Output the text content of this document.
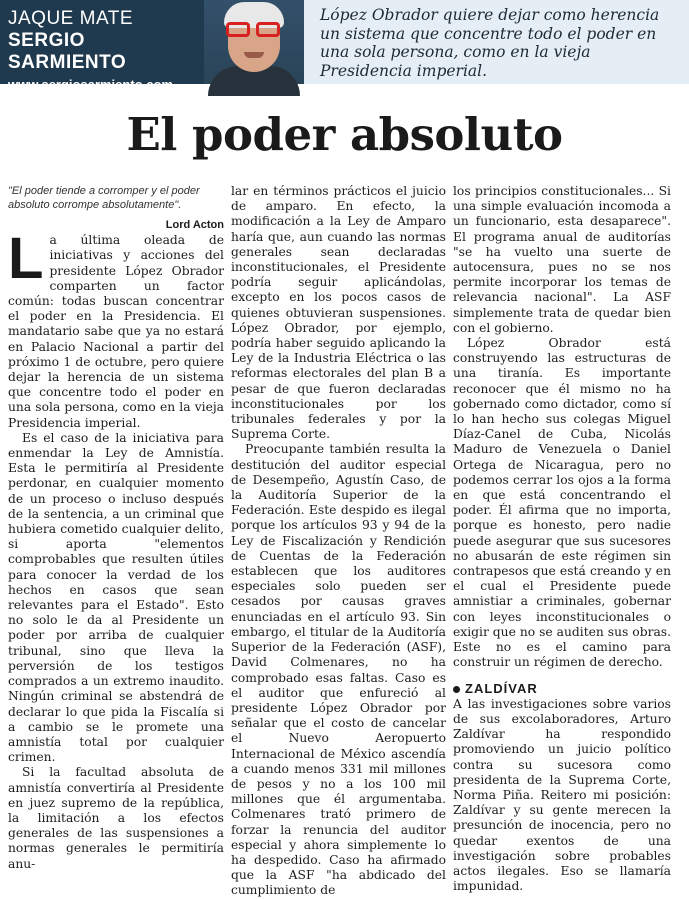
JAQUE MATE
SERGIO SARMIENTO
www.sergiosarmiento.com

López Obrador quiere dejar como herencia un sistema que concentre todo el poder en una sola persona, como en la vieja Presidencia imperial.

El poder absoluto

"El poder tiende a corromper y el poder absoluto corrompe absolutamente".

Lord Acton

La última oleada de iniciativas y acciones del presidente López Obrador comparten un factor común: todas buscan concentrar el poder en la Presidencia. El mandatario sabe que ya no estará en Palacio Nacional a partir del próximo 1 de octubre, pero quiere dejar la herencia de un sistema que concentre todo el poder en una sola persona, como en la vieja Presidencia imperial.

Es el caso de la iniciativa para enmendar la Ley de Amnistía. Esta le permitiría al Presidente perdonar, en cualquier momento de un proceso o incluso después de la sentencia, a un criminal que hubiera cometido cualquier delito, si aporta "elementos comprobables que resulten útiles para conocer la verdad de los hechos en casos que sean relevantes para el Estado". Esto no solo le da al Presidente un poder por arriba de cualquier tribunal, sino que lleva la perversión de los testigos comprados a un extremo inaudito. Ningún criminal se abstendrá de declarar lo que pida la Fiscalía si a cambio se le promete una amnistía total por cualquier crimen.

Si la facultad absoluta de amnistía convertiría al Presidente en juez supremo de la república, la limitación a los efectos generales de las suspensiones a normas generales le permitiría anu-

lar en términos prácticos el juicio de amparo. En efecto, la modificación a la Ley de Amparo haría que, aun cuando las normas generales sean declaradas inconstitucionales, el Presidente podría seguir aplicándolas, excepto en los pocos casos de quienes obtuvieran suspensiones. López Obrador, por ejemplo, podría haber seguido aplicando la Ley de la Industria Eléctrica o las reformas electorales del plan B a pesar de que fueron declaradas inconstitucionales por los tribunales federales y por la Suprema Corte.

Preocupante también resulta la destitución del auditor especial de Desempeño, Agustín Caso, de la Auditoría Superior de la Federación. Este despido es ilegal porque los artículos 93 y 94 de la Ley de Fiscalización y Rendición de Cuentas de la Federación establecen que los auditores especiales solo pueden ser cesados por causas graves enunciadas en el artículo 93. Sin embargo, el titular de la Auditoría Superior de la Federación (ASF), David Colmenares, no ha comprobado esas faltas. Caso es el auditor que enfureció al presidente López Obrador por señalar que el costo de cancelar el Nuevo Aeropuerto Internacional de México ascendía a cuando menos 331 mil millones de pesos y no a los 100 mil millones que él argumentaba. Colmenares trató primero de forzar la renuncia del auditor especial y ahora simplemente lo ha despedido. Caso ha afirmado que la ASF "ha abdicado del cumplimiento de

los principios constitucionales... Si una simple evaluación incomoda a un funcionario, esta desaparece". El programa anual de auditorías "se ha vuelto una suerte de autocensura, pues no se nos permite incorporar los temas de relevancia nacional". La ASF simplemente trata de quedar bien con el gobierno.

López Obrador está construyendo las estructuras de una tiranía. Es importante reconocer que él mismo no ha gobernado como dictador, como sí lo han hecho sus colegas Miguel Díaz-Canel de Cuba, Nicolás Maduro de Venezuela o Daniel Ortega de Nicaragua, pero no podemos cerrar los ojos a la forma en que está concentrando el poder. Él afirma que no importa, porque es honesto, pero nadie puede asegurar que sus sucesores no abusarán de este régimen sin contrapesos que está creando y en el cual el Presidente puede amnistiar a criminales, gobernar con leyes inconstitucionales o exigir que no se auditen sus obras. Este no es el camino para construir un régimen de derecho.

ZALDÍVAR

A las investigaciones sobre varios de sus excolaboradores, Arturo Zaldívar ha respondido promoviendo un juicio político contra su sucesora como presidenta de la Suprema Corte, Norma Piña. Reitero mi posición: Zaldívar y su gente merecen la presunción de inocencia, pero no quedar exentos de una investigación sobre probables actos ilegales. Eso se llamaría impunidad.
